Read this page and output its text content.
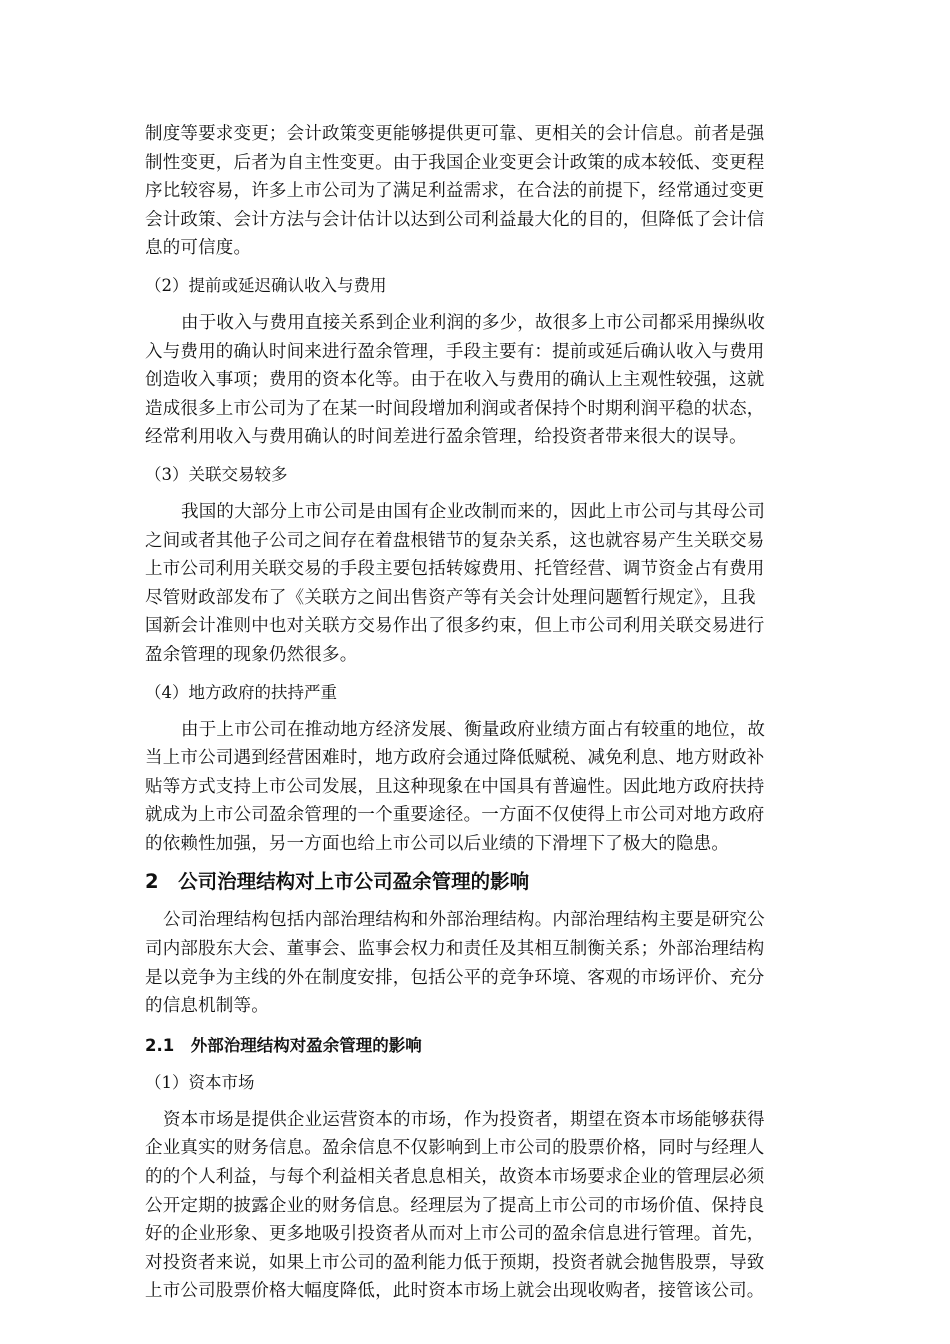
制度等要求变更；会计政策变更能够提供更可靠、更相关的会计信息。前者是强
制性变更，后者为自主性变更。由于我国企业变更会计政策的成本较低、变更程
序比较容易，许多上市公司为了满足利益需求，在合法的前提下，经常通过变更
会计政策、会计方法与会计估计以达到公司利益最大化的目的，但降低了会计信
息的可信度。

（2）提前或延迟确认收入与费用

由于收入与费用直接关系到企业利润的多少，故很多上市公司都采用操纵收
入与费用的确认时间来进行盈余管理，手段主要有：提前或延后确认收入与费用
创造收入事项；费用的资本化等。由于在收入与费用的确认上主观性较强，这就
造成很多上市公司为了在某一时间段增加利润或者保持个时期利润平稳的状态，
经常利用收入与费用确认的时间差进行盈余管理，给投资者带来很大的误导。

（3）关联交易较多

我国的大部分上市公司是由国有企业改制而来的，因此上市公司与其母公司
之间或者其他子公司之间存在着盘根错节的复杂关系，这也就容易产生关联交易
上市公司利用关联交易的手段主要包括转嫁费用、托管经营、调节资金占有费用
尽管财政部发布了《关联方之间出售资产等有关会计处理问题暂行规定》，且我
国新会计准则中也对关联方交易作出了很多约束，但上市公司利用关联交易进行
盈余管理的现象仍然很多。

（4）地方政府的扶持严重

由于上市公司在推动地方经济发展、衡量政府业绩方面占有较重的地位，故
当上市公司遇到经营困难时，地方政府会通过降低赋税、减免利息、地方财政补
贴等方式支持上市公司发展，且这种现象在中国具有普遍性。因此地方政府扶持
就成为上市公司盈余管理的一个重要途径。一方面不仅使得上市公司对地方政府
的依赖性加强，另一方面也给上市公司以后业绩的下滑埋下了极大的隐患。

2　公司治理结构对上市公司盈余管理的影响

公司治理结构包括内部治理结构和外部治理结构。内部治理结构主要是研究公
司内部股东大会、董事会、监事会权力和责任及其相互制衡关系；外部治理结构
是以竞争为主线的外在制度安排，包括公平的竞争环境、客观的市场评价、充分
的信息机制等。

2.1　外部治理结构对盈余管理的影响

（1）资本市场

资本市场是提供企业运营资本的市场，作为投资者，期望在资本市场能够获得
企业真实的财务信息。盈余信息不仅影响到上市公司的股票价格，同时与经理人
的的个人利益，与每个利益相关者息息相关，故资本市场要求企业的管理层必须
公开定期的披露企业的财务信息。经理层为了提高上市公司的市场价值、保持良
好的企业形象、更多地吸引投资者从而对上市公司的盈余信息进行管理。首先，
对投资者来说，如果上市公司的盈利能力低于预期，投资者就会抛售股票，导致
上市公司股票价格大幅度降低，此时资本市场上就会出现收购者，接管该公司。
